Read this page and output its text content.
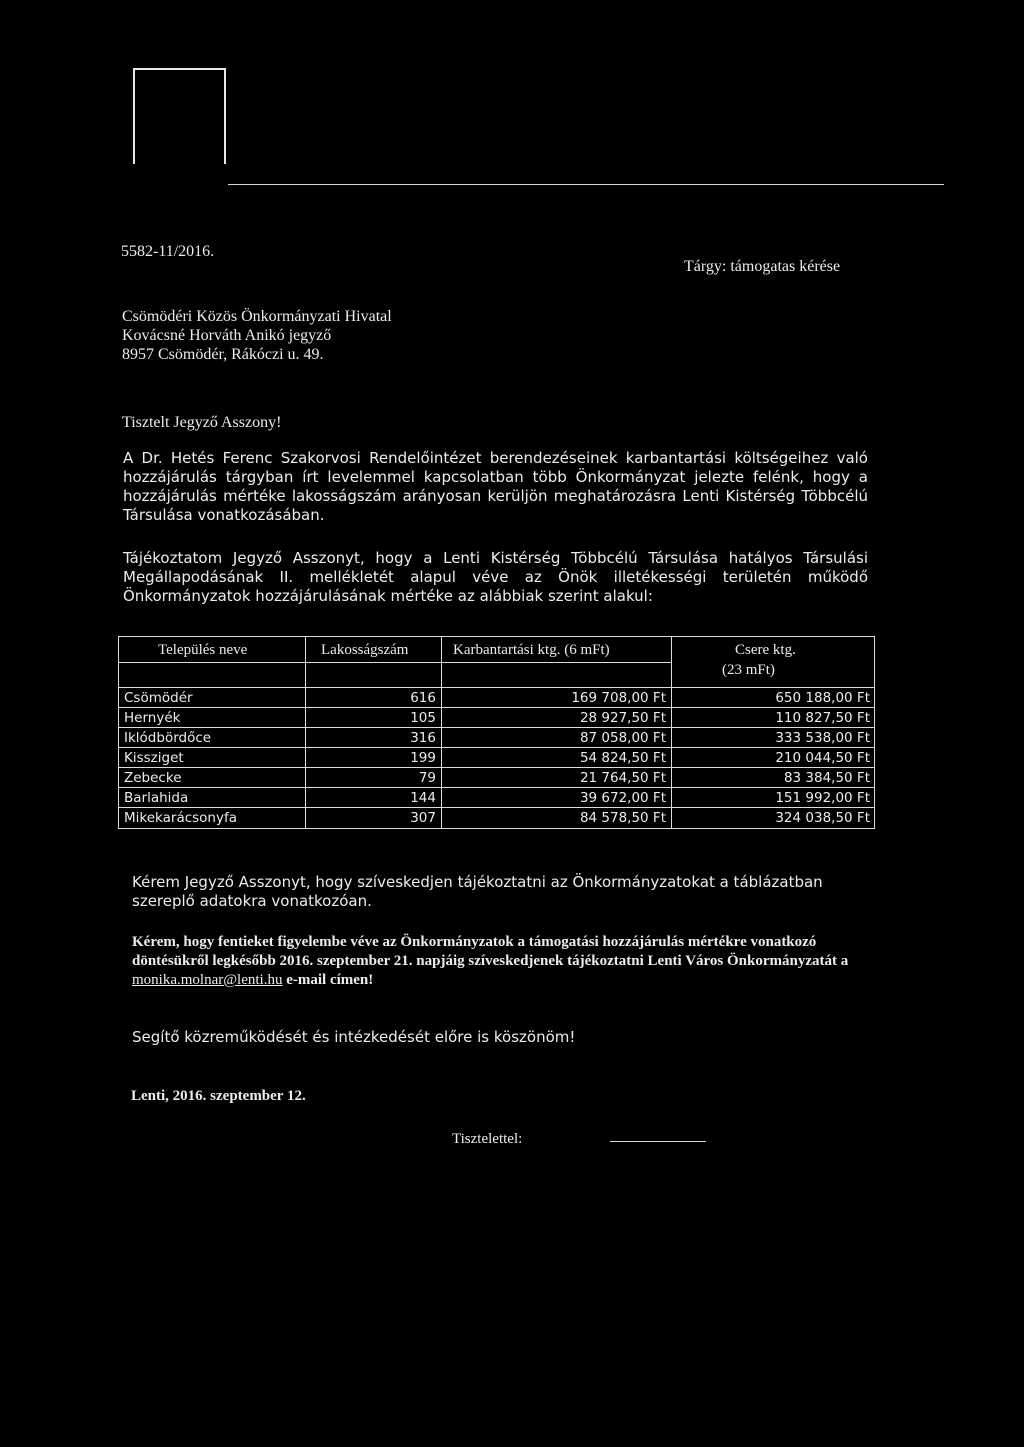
5582-11/2016.
Tárgy: támogatas kérése
Csömödéri Közös Önkormányzati Hivatal
Kovácsné Horváth Anikó jegyző
8957 Csömödér, Rákóczi u. 49.
Tisztelt Jegyző Asszony!
A Dr. Hetés Ferenc Szakorvosi Rendelőintézet berendezéseinek karbantartási költségeihez való hozzájárulás tárgyban írt levelemmel kapcsolatban több Önkormányzat jelezte felénk, hogy a hozzájárulás mértéke lakosságszám arányosan kerüljön meghatározásra Lenti Kistérség Többcélú Társulása vonatkozásában.
Tájékoztatom Jegyző Asszonyt, hogy a Lenti Kistérség Többcélú Társulása hatályos Társulási Megállapodásának II. mellékletét alapul véve az Önök illetékességi területén működő Önkormányzatok hozzájárulásának mértéke az alábbiak szerint alakul:
Település neve	Lakosságszám	Karbantartási ktg. (6 mFt)	Csere ktg.
(23 mFt)
Csömödér	616	169 708,00 Ft	650 188,00 Ft
Hernyék	105	28 927,50 Ft	110 827,50 Ft
Iklódbördőce	316	87 058,00 Ft	333 538,00 Ft
Kissziget	199	54 824,50 Ft	210 044,50 Ft
Zebecke	79	21 764,50 Ft	83 384,50 Ft
Barlahida	144	39 672,00 Ft	151 992,00 Ft
Mikekarácsonyfa	307	84 578,50 Ft	324 038,50 Ft
Kérem Jegyző Asszonyt, hogy szíveskedjen tájékoztatni az Önkormányzatokat a táblázatban szereplő adatokra vonatkozóan.
Kérem, hogy fentieket figyelembe véve az Önkormányzatok a támogatási hozzájárulás mértékre vonatkozó döntésükről legkésőbb 2016. szeptember 21. napjáig szíveskedjenek tájékoztatni Lenti Város Önkormányzatát a monika.molnar@lenti.hu e-mail címen!
Segítő közreműködését és intézkedését előre is köszönöm!
Lenti, 2016. szeptember 12.
Tisztelettel:
